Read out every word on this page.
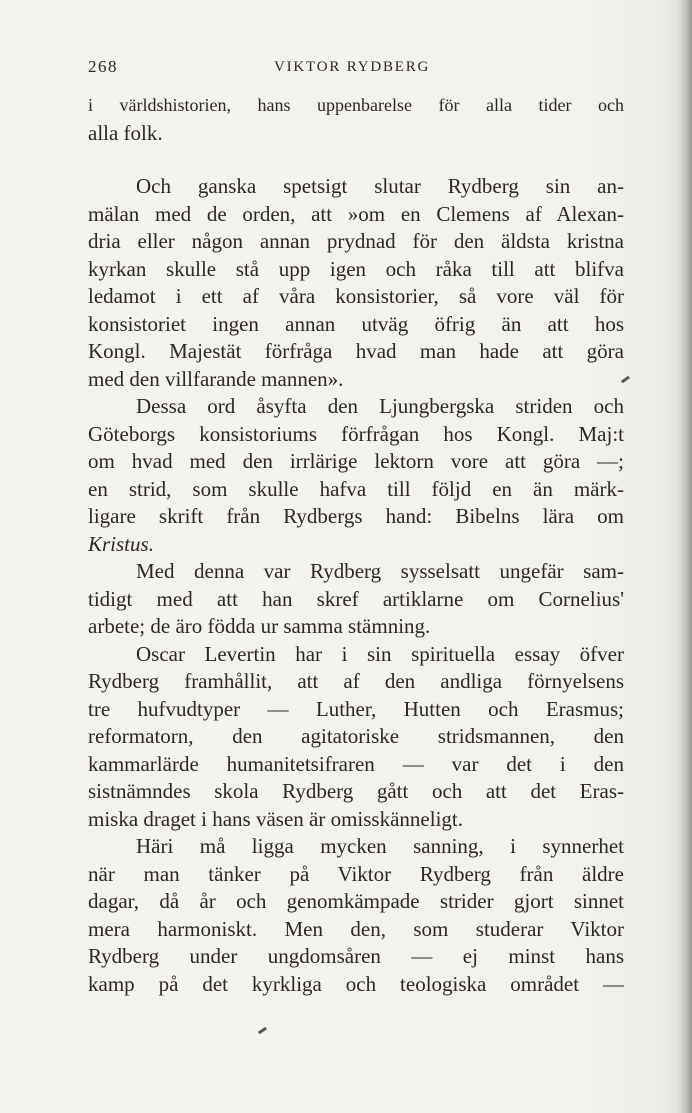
268	VIKTOR RYDBERG
i världshistorien, hans uppenbarelse för alla tider och
alla folk.
Och ganska spetsigt slutar Rydberg sin an-
mälan med de orden, att »om en Clemens af Alexan-
dria eller någon annan prydnad för den äldsta kristna
kyrkan skulle stå upp igen och råka till att blifva
ledamot i ett af våra konsistorier, så vore väl för
konsistoriet ingen annan utväg öfrig än att hos
Kongl. Majestät förfråga hvad man hade att göra
med den villfarande mannen».
Dessa ord åsyfta den Ljungbergska striden och
Göteborgs konsistoriums förfrågan hos Kongl. Maj:t
om hvad med den irrlärige lektorn vore att göra —;
en strid, som skulle hafva till följd en än märk-
ligare skrift från Rydbergs hand: Bibelns lära om
Kristus.
Med denna var Rydberg sysselsatt ungefär sam-
tidigt med att han skref artiklarne om Cornelius'
arbete; de äro födda ur samma stämning.
Oscar Levertin har i sin spirituella essay öfver
Rydberg framhållit, att af den andliga förnyelsens
tre hufvudtyper — Luther, Hutten och Erasmus;
reformatorn, den agitatoriske stridsmannen, den
kammarlärde humanitetsifraren — var det i den
sistnämndes skola Rydberg gått och att det Eras-
miska draget i hans väsen är omisskänneligt.
Häri må ligga mycken sanning, i synnerhet
när man tänker på Viktor Rydberg från äldre
dagar, då år och genomkämpade strider gjort sinnet
mera harmoniskt. Men den, som studerar Viktor
Rydberg under ungdomsåren — ej minst hans
kamp på det kyrkliga och teologiska området —
